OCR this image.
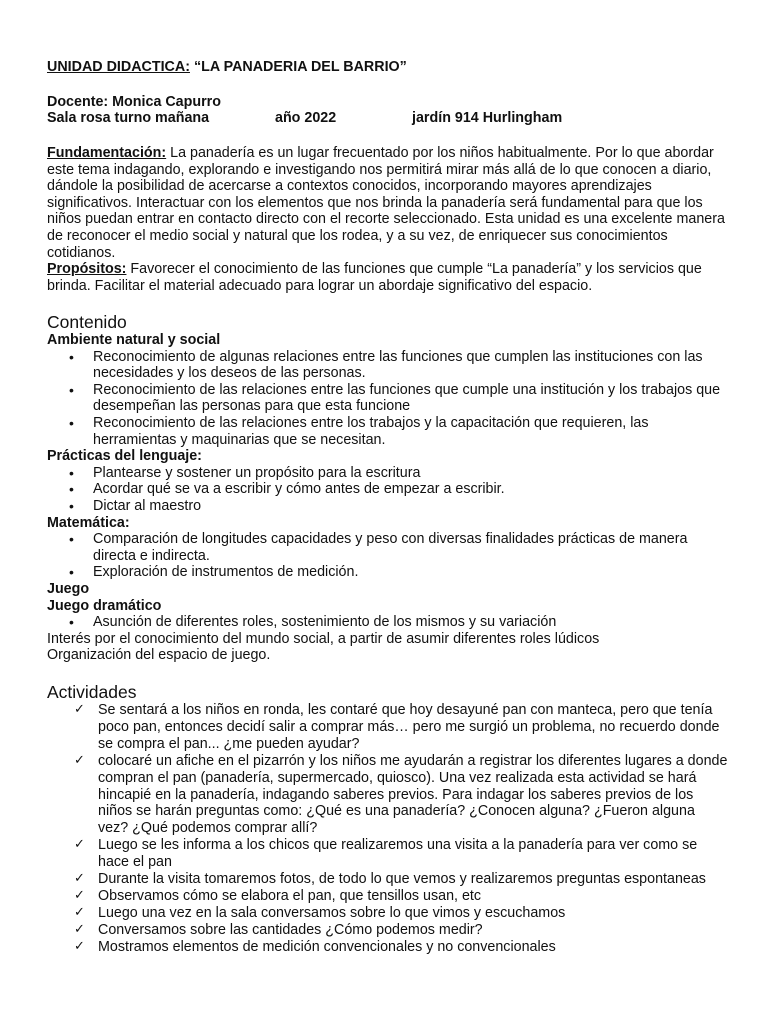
UNIDAD DIDACTICA: “LA PANADERIA DEL BARRIO”
Docente: Monica Capurro
Sala rosa turno mañana	año 2022	jardín 914 Hurlingham

Fundamentación: La panadería es un lugar frecuentado por los niños habitualmente. Por lo que abordar este tema indagando, explorando e investigando nos permitirá mirar más allá de lo que conocen a diario, dándole la posibilidad de acercarse a contextos conocidos, incorporando mayores aprendizajes significativos. Interactuar con los elementos que nos brinda la panadería será fundamental para que los niños puedan entrar en contacto directo con el recorte seleccionado. Esta unidad es una excelente manera de reconocer el medio social y natural que los rodea, y a su vez, de enriquecer sus conocimientos cotidianos.

Propósitos: Favorecer el conocimiento de las funciones que cumple “La panadería” y los servicios que brinda. Facilitar el material adecuado para lograr un abordaje significativo del espacio.

Contenido
Ambiente natural y social
• Reconocimiento de algunas relaciones entre las funciones que cumplen las instituciones con las necesidades y los deseos de las personas.
• Reconocimiento de las relaciones entre las funciones que cumple una institución y los trabajos que desempeñan las personas para que esta funcione
• Reconocimiento de las relaciones entre los trabajos y la capacitación que requieren, las herramientas y maquinarias que se necesitan.
Prácticas del lenguaje:
• Plantearse y sostener un propósito para la escritura
• Acordar qué se va a escribir y cómo antes de empezar a escribir.
• Dictar al maestro
Matemática:
• Comparación de longitudes capacidades y peso con diversas finalidades prácticas de manera directa e indirecta.
• Exploración de instrumentos de medición.
Juego
Juego dramático
• Asunción de diferentes roles, sostenimiento de los mismos y su variación
Interés por el conocimiento del mundo social, a partir de asumir diferentes roles lúdicos
Organización del espacio de juego.
Actividades
✓ Se sentará a los niños en ronda, les contaré que hoy desayuné pan con manteca, pero que tenía poco pan, entonces decidí salir a comprar más… pero me surgió un problema, no recuerdo donde se compra el pan... ¿me pueden ayudar?
✓ colocaré un afiche en el pizarrón y los niños me ayudarán a registrar los diferentes lugares a donde compran el pan (panadería, supermercado, quiosco). Una vez realizada esta actividad se hará hincapié en la panadería, indagando saberes previos. Para indagar los saberes previos de los niños se harán preguntas como: ¿Qué es una panadería? ¿Conocen alguna? ¿Fueron alguna vez? ¿Qué podemos comprar allí?
✓ Luego se les informa a los chicos que realizaremos una visita a la panadería para ver como se hace el pan
✓ Durante la visita tomaremos fotos, de todo lo que vemos y realizaremos preguntas espontaneas
✓ Observamos cómo se elabora el pan, que tensillos usan, etc
✓ Luego una vez en la sala conversamos sobre lo que vimos y escuchamos
✓ Conversamos sobre las cantidades ¿Cómo podemos medir?
✓ Mostramos elementos de medición convencionales y no convencionales
